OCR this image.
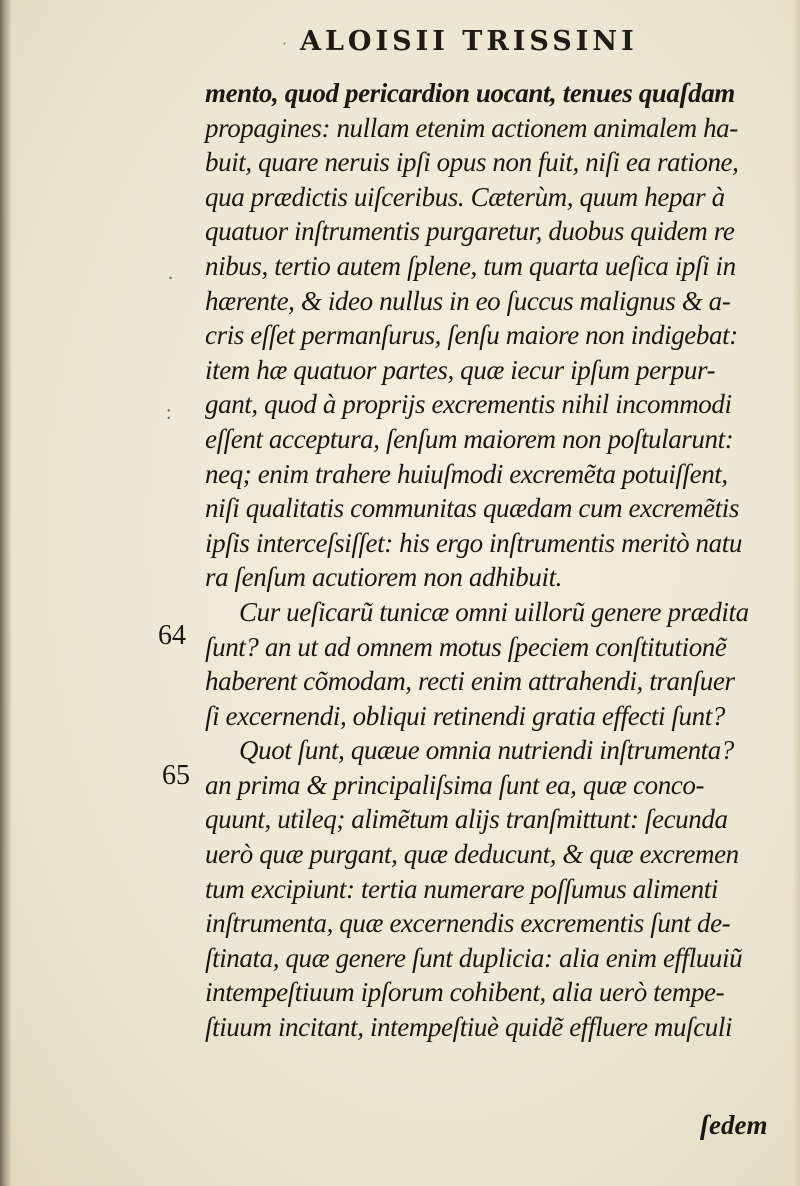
· ALOISII TRISSINI
.
:
64
65
mento, quod pericardion uocant, tenues quaſdam
propagines: nullam etenim actionem animalem ha-
buit, quare neruis ipſi opus non fuit, niſi ea ratione,
qua prædictis uiſceribus. Cæterùm, quum hepar à
quatuor inſtrumentis purgaretur, duobus quidem re
nibus, tertio autem ſplene, tum quarta ueſica ipſi in
hærente, & ideo nullus in eo ſuccus malignus & a-
cris eſſet permanſurus, ſenſu maiore non indigebat:
item hæ quatuor partes, quæ iecur ipſum perpur-
gant, quod à proprijs excrementis nihil incommodi
eſſent acceptura, ſenſum maiorem non poſtularunt:
neq; enim trahere huiuſmodi excremẽta potuiſſent,
niſi qualitatis communitas quædam cum excremẽtis
ipſis interceſsiſſet: his ergo inſtrumentis meritò natu
ra ſenſum acutiorem non adhibuit.
Cur ueſicarũ tunicæ omni uillorũ genere prædita
ſunt? an ut ad omnem motus ſpeciem conſtitutionẽ
haberent cõmodam, recti enim attrahendi, tranſuer
ſi excernendi, obliqui retinendi gratia effecti ſunt?
Quot ſunt, quæue omnia nutriendi inſtrumenta?
an prima & principaliſsima ſunt ea, quæ conco-
quunt, utileq; alimẽtum alijs tranſmittunt: ſecunda
uerò quæ purgant, quæ deducunt, & quæ excremen
tum excipiunt: tertia numerare poſſumus alimenti
inſtrumenta, quæ excernendis excrementis ſunt de-
ſtinata, quæ genere ſunt duplicia: alia enim effluuiũ
intempeſtiuum ipſorum cohibent, alia uerò tempe-
ſtiuum incitant, intempeſtiuè quidẽ effluere muſculi
ſedem
